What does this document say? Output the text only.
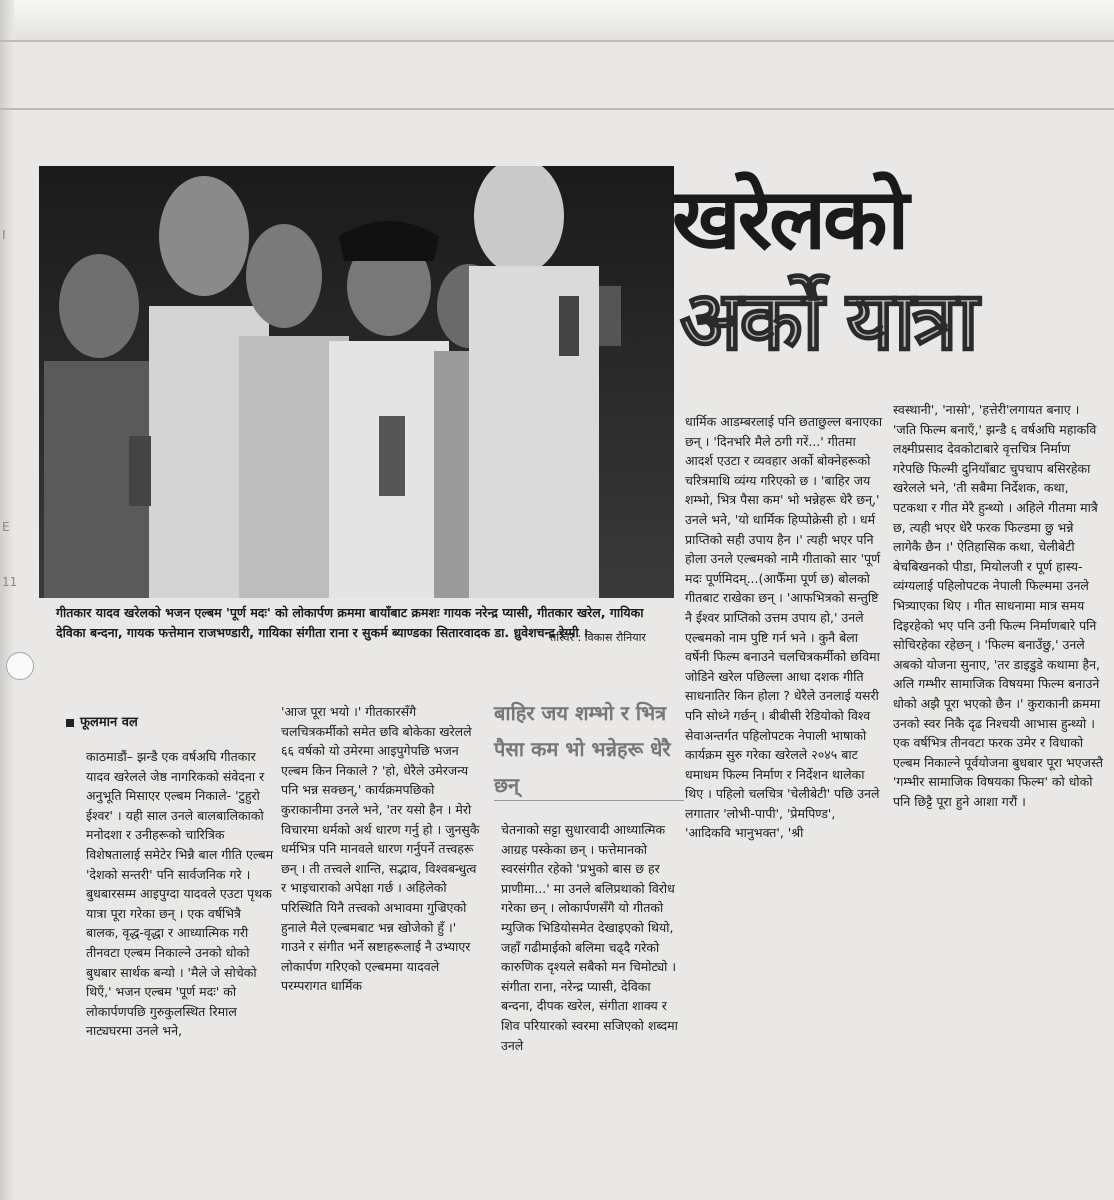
I
E
11
गीतकार यादव खरेलको भजन एल्बम 'पूर्ण मदः' को लोकार्पण क्रममा बायाँबाट क्रमशः गायक नरेन्द्र प्यासी, गीतकार खरेल, गायिका देविका बन्दना, गायक फत्तेमान राजभण्डारी, गायिका संगीता राना र सुकर्म ब्याण्डका सितारवादक डा. ध्रुवेशचन्द्र रेग्मी ।
तस्विर : विकास रौनियार
खरेलको
अर्को यात्रा
फूलमान वल

काठमाडौं– झन्डै एक वर्षअघि गीतकार यादव खरेलले जेष्ठ नागरिकको संवेदना र अनुभूति मिसाएर एल्बम निकाले- 'टुहुरो ईश्वर' । यही साल उनले बालबालिकाको मनोदशा र उनीहरूको चारित्रिक विशेषतालाई समेटेर भिन्नै बाल गीति एल्बम 'देशको सन्तरी' पनि सार्वजनिक गरे । बुधबारसम्म आइपुग्दा यादवले एउटा पृथक यात्रा पूरा गरेका छन् । एक वर्षभित्रै बालक, वृद्ध-वृद्धा र आध्यात्मिक गरी तीनवटा एल्बम निकाल्ने उनको धोको बुधबार सार्थक बन्यो । 'मैले जे सोचेको थिएँ,' भजन एल्बम 'पूर्ण मदः' को लोकार्पणपछि गुरुकुलस्थित रिमाल नाट्यघरमा उनले भने,

'आज पूरा भयो ।' गीतकारसँगै चलचित्रकर्मीको समेत छवि बोकेका खरेलले ६६ वर्षको यो उमेरमा आइपुगेपछि भजन एल्बम किन निकाले ? 'हो, धेरैले उमेरजन्य पनि भन्न सक्छन्,' कार्यक्रमपछिको कुराकानीमा उनले भने, 'तर यसो हैन । मेरो विचारमा धर्मको अर्थ धारण गर्नु हो । जुनसुकै धर्मभित्र पनि मानवले धारण गर्नुपर्ने तत्त्वहरू छन् । ती तत्त्वले शान्ति, सद्भाव, विश्वबन्धुत्व र भाइचाराको अपेक्षा गर्छ । अहिलेको परिस्थिति यिनै तत्त्वको अभावमा गुज्रिएको हुनाले मैले एल्बमबाट भन्न खोजेको हुँ ।' गाउने र संगीत भर्ने स्रष्टाहरूलाई नै उभ्याएर लोकार्पण गरिएको एल्बममा यादवले परम्परागत धार्मिक

बाहिर जय शम्भो र भित्र पैसा कम भो भन्नेहरू धेरै छन्

चेतनाको सट्टा सुधारवादी आध्यात्मिक आग्रह पस्केका छन् । फत्तेमानको स्वरसंगीत रहेको 'प्रभुको बास छ हर प्राणीमा...' मा उनले बलिप्रथाको विरोध गरेका छन् । लोकार्पणसँगै यो गीतको म्युजिक भिडियोसमेत देखाइएको थियो, जहाँ गढीमाईको बलिमा चढ्दै गरेको कारुणिक दृश्यले सबैको मन चिमोट्यो । संगीता राना, नरेन्द्र प्यासी, देविका बन्दना, दीपक खरेल, संगीता शाक्य र शिव परियारको स्वरमा सजिएको शब्दमा उनले

धार्मिक आडम्बरलाई पनि छताछुल्ल बनाएका छन् । 'दिनभरि मैले ठगी गरें...' गीतमा आदर्श एउटा र व्यवहार अर्को बोक्नेहरूको चरित्रमाथि व्यंग्य गरिएको छ । 'बाहिर जय शम्भो, भित्र पैसा कम' भो भन्नेहरू धेरै छन्,' उनले भने, 'यो धार्मिक हिप्पोक्रेसी हो । धर्म प्राप्तिको सही उपाय हैन ।' त्यही भएर पनि होला उनले एल्बमको नामै गीताको सार 'पूर्ण मदः पूर्णमिदम्...(आफैँमा पूर्ण छ) बोलको गीतबाट राखेका छन् । 'आफभित्रको सन्तुष्टि नै ईश्वर प्राप्तिको उत्तम उपाय हो,' उनले एल्बमको नाम पुष्टि गर्न भने । कुनै बेला वर्षेनी फिल्म बनाउने चलचित्रकर्मीको छविमा जोडिने खरेल पछिल्ला आधा दशक गीति साधनातिर किन होला ? धेरैले उनलाई यसरी पनि सोध्ने गर्छन् । बीबीसी रेडियोको विश्व सेवाअन्तर्गत पहिलोपटक नेपाली भाषाको कार्यक्रम सुरु गरेका खरेलले २०४५ बाट धमाधम फिल्म निर्माण र निर्देशन थालेका थिए । पहिलो चलचित्र 'चेलीबेटी' पछि उनले लगातार 'लोभी-पापी', 'प्रेमपिण्ड', 'आदिकवि भानुभक्त', 'श्री

स्वस्थानी', 'नासो', 'हत्तेरी'लगायत बनाए । 'जति फिल्म बनाएँ,' झन्डै ६ वर्षअघि महाकवि लक्ष्मीप्रसाद देवकोटाबारे वृत्तचित्र निर्माण गरेपछि फिल्मी दुनियाँबाट चुपचाप बसिरहेका खरेलले भने, 'ती सबैमा निर्देशक, कथा, पटकथा र गीत मेरै हुन्थ्यो । अहिले गीतमा मात्रै छ, त्यही भएर धेरै फरक फिल्डमा छु भन्ने लागेकै छैन ।' ऐतिहासिक कथा, चेलीबेटी बेचबिखनको पीडा, मियोलजी र पूर्ण हास्य-व्यंग्यलाई पहिलोपटक नेपाली फिल्ममा उनले भित्र्याएका थिए । गीत साधनामा मात्र समय दिइरहेको भए पनि उनी फिल्म निर्माणबारे पनि सोचिरहेका रहेछन् । 'फिल्म बनाउँछु,' उनले अबको योजना सुनाए, 'तर डाइडुडे कथामा हैन, अलि गम्भीर सामाजिक विषयमा फिल्म बनाउने धोको अझै पूरा भएको छैन ।' कुराकानी क्रममा उनको स्वर निकै दृढ निश्चयी आभास हुन्थ्यो । एक वर्षभित्र तीनवटा फरक उमेर र विधाको एल्बम निकाल्ने पूर्वयोजना बुधबार पूरा भएजस्तै 'गम्भीर सामाजिक विषयका फिल्म' को धोको पनि छिट्टै पूरा हुने आशा गरौं ।
